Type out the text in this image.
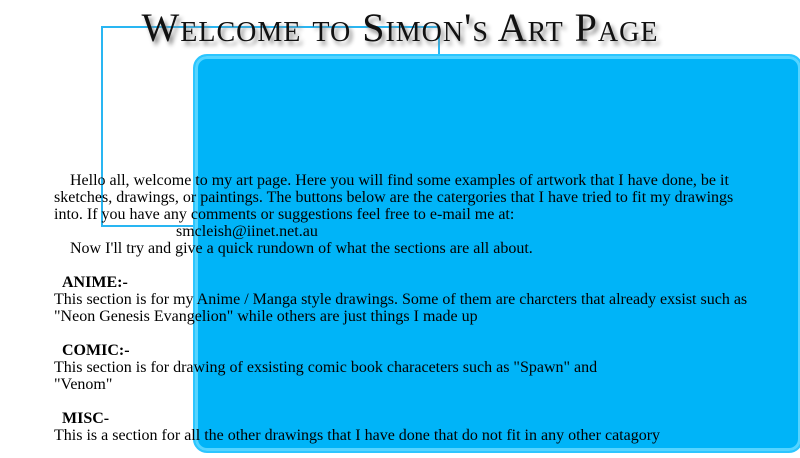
Welcome to Simon's Art Page

Hello all, welcome to my art page. Here you will find some examples of artwork that I have done, be it sketches, drawings, or paintings. The buttons below are the catergories that I have tried to fit my drawings into. If you have any comments or suggestions feel free to e-mail me at:

smcleish@iinet.net.au

Now I'll try and give a quick rundown of what the sections are all about.

ANIME:-

This section is for my Anime / Manga style drawings. Some of them are charcters that already exsist such as "Neon Genesis Evangelion" while others are just things I made up

COMIC:-

This section is for drawing of exsisting comic book characeters such as "Spawn" and "Venom"

MISC-

This is a section for all the other drawings that I have done that do not fit in any other catagory
